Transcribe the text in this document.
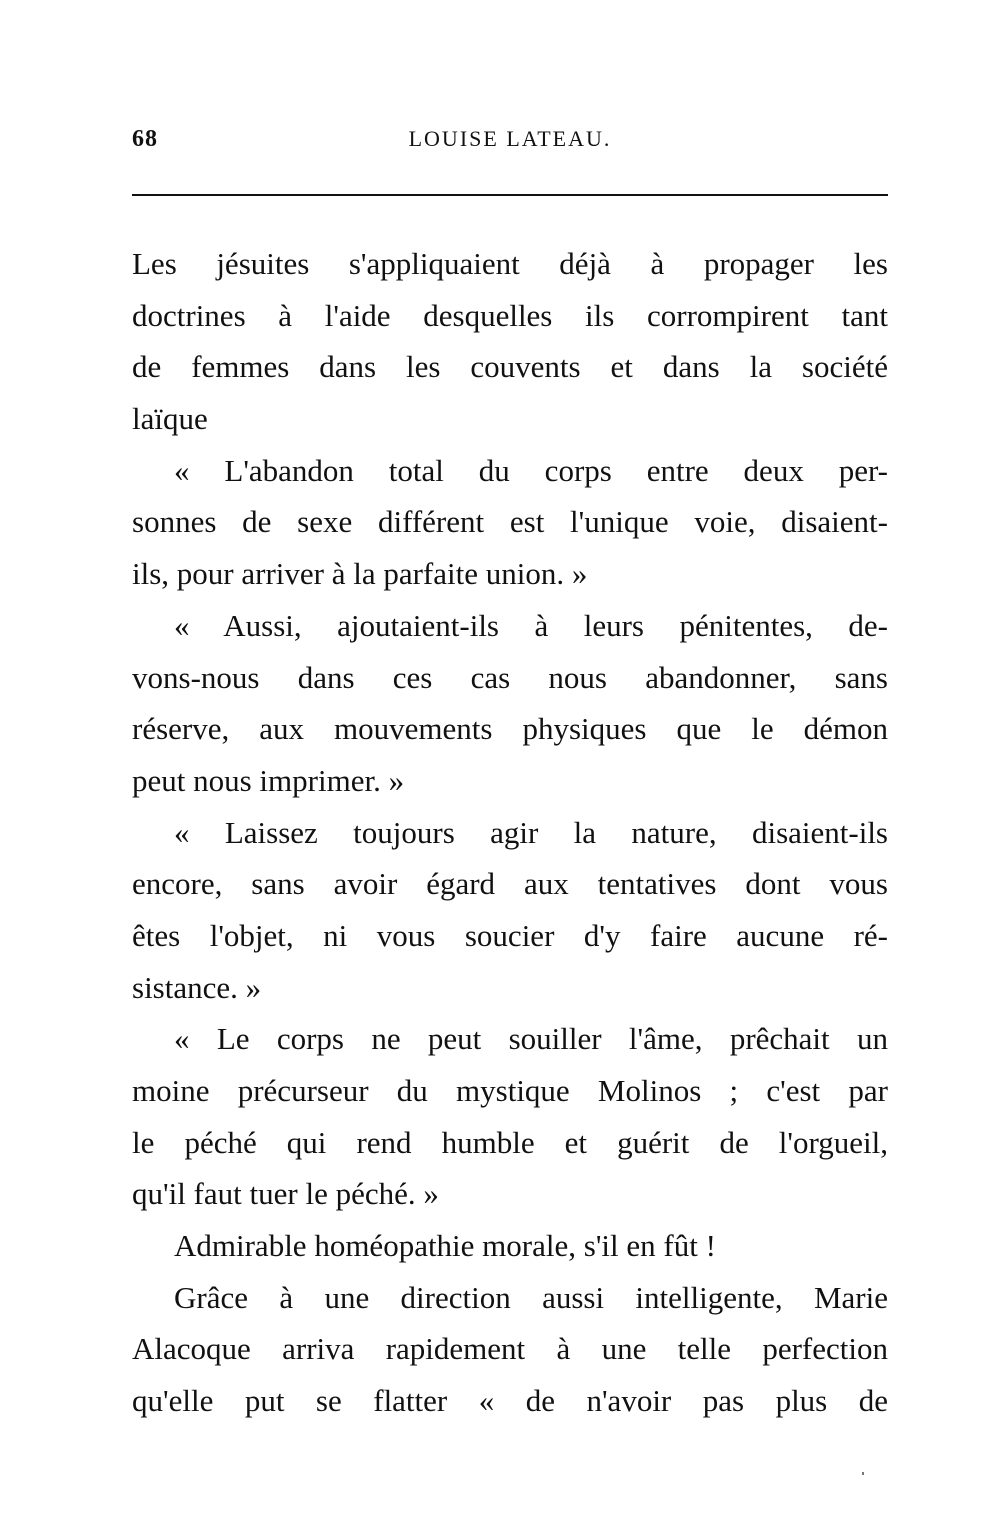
68	LOUISE LATEAU.
Les jésuites s'appliquaient déjà à propager les
doctrines à l'aide desquelles ils corrompirent tant
de femmes dans les couvents et dans la société
laïque
« L'abandon total du corps entre deux per-
sonnes de sexe différent est l'unique voie, disaient-
ils, pour arriver à la parfaite union. »
« Aussi, ajoutaient-ils à leurs pénitentes, de-
vons-nous dans ces cas nous abandonner, sans
réserve, aux mouvements physiques que le démon
peut nous imprimer. »
« Laissez toujours agir la nature, disaient-ils
encore, sans avoir égard aux tentatives dont vous
êtes l'objet, ni vous soucier d'y faire aucune ré-
sistance. »
« Le corps ne peut souiller l'âme, prêchait un
moine précurseur du mystique Molinos ; c'est par
le péché qui rend humble et guérit de l'orgueil,
qu'il faut tuer le péché. »
Admirable homéopathie morale, s'il en fût !
Grâce à une direction aussi intelligente, Marie
Alacoque arriva rapidement à une telle perfection
qu'elle put se flatter « de n'avoir pas plus de
